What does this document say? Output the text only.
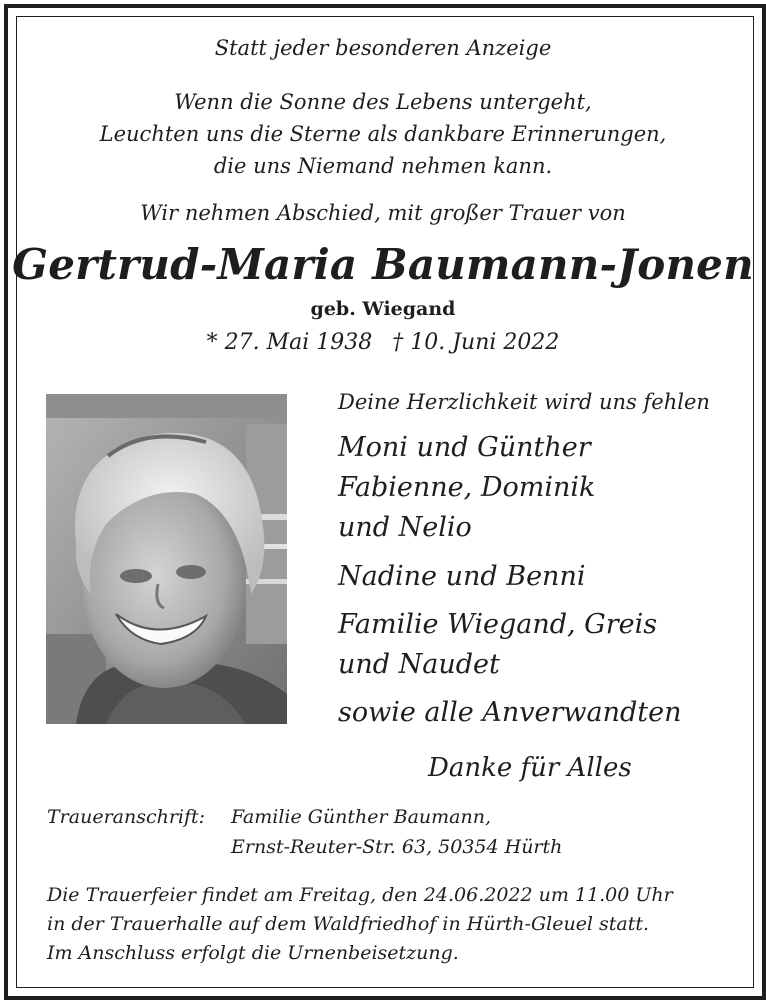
Statt jeder besonderen Anzeige
Wenn die Sonne des Lebens untergeht,
Leuchten uns die Sterne als dankbare Erinnerungen,
die uns Niemand nehmen kann.
Wir nehmen Abschied, mit großer Trauer von
Gertrud-Maria Baumann-Jonen
geb. Wiegand
* 27. Mai 1938 † 10. Juni 2022
Deine Herzlichkeit wird uns fehlen
Moni und Günther
Fabienne, Dominik
und Nelio
Nadine und Benni
Familie Wiegand, Greis
und Naudet
sowie alle Anverwandten
Danke für Alles
Traueranschrift: Familie Günther Baumann,
Ernst-Reuter-Str. 63, 50354 Hürth
Die Trauerfeier findet am Freitag, den 24.06.2022 um 11.00 Uhr
in der Trauerhalle auf dem Waldfriedhof in Hürth-Gleuel statt.
Im Anschluss erfolgt die Urnenbeisetzung.
